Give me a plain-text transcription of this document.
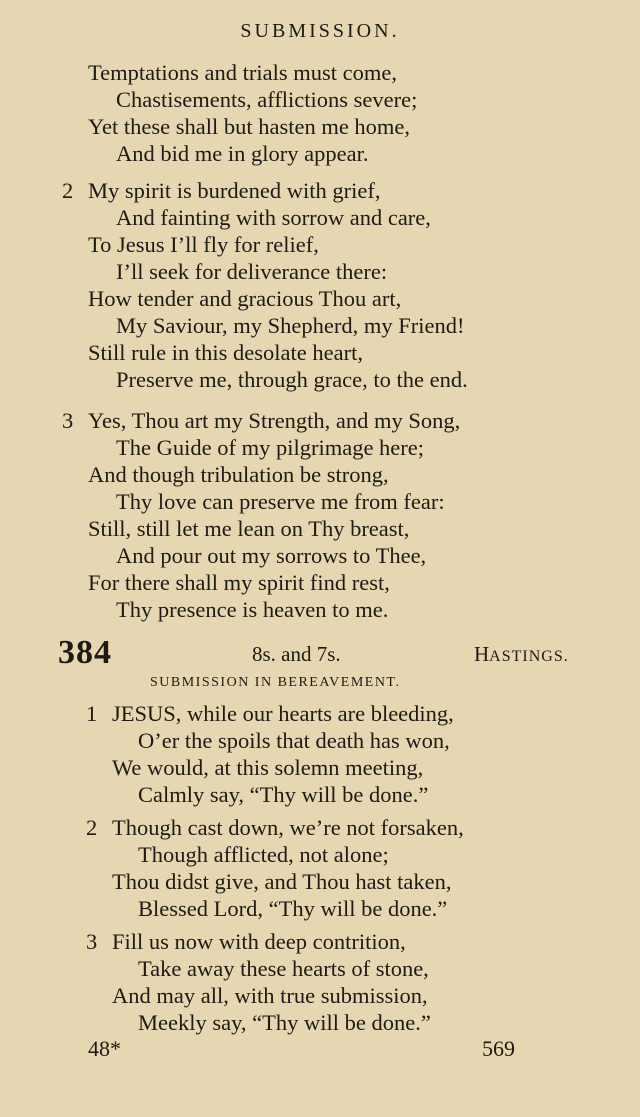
SUBMISSION.
Temptations and trials must come,
Chastisements, afflictions severe;
Yet these shall but hasten me home,
And bid me in glory appear.
2 My spirit is burdened with grief,
And fainting with sorrow and care,
To Jesus I’ll fly for relief,
I’ll seek for deliverance there:
How tender and gracious Thou art,
My Saviour, my Shepherd, my Friend!
Still rule in this desolate heart,
Preserve me, through grace, to the end.
3 Yes, Thou art my Strength, and my Song,
The Guide of my pilgrimage here;
And though tribulation be strong,
Thy love can preserve me from fear:
Still, still let me lean on Thy breast,
And pour out my sorrows to Thee,
For there shall my spirit find rest,
Thy presence is heaven to me.
384	8s. and 7s.	HASTINGS.
SUBMISSION IN BEREAVEMENT.
1 JESUS, while our hearts are bleeding,
O’er the spoils that death has won,
We would, at this solemn meeting,
Calmly say, “Thy will be done.”
2 Though cast down, we’re not forsaken,
Though afflicted, not alone;
Thou didst give, and Thou hast taken,
Blessed Lord, “Thy will be done.”
3 Fill us now with deep contrition,
Take away these hearts of stone,
And may all, with true submission,
Meekly say, “Thy will be done.”
48*	569
